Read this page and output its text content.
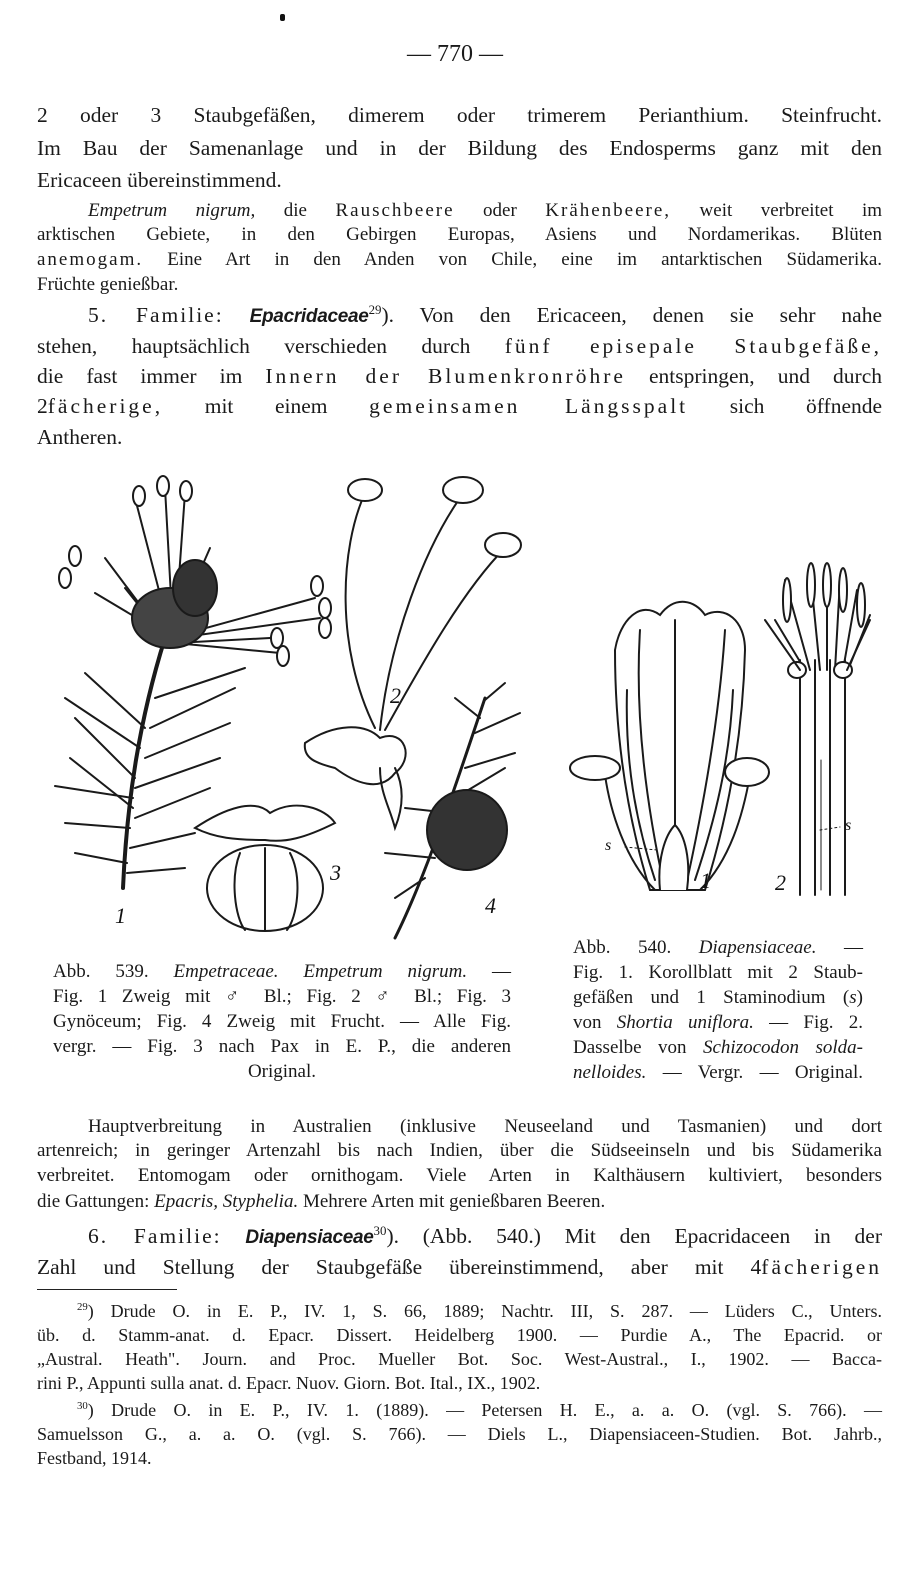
— 770 —
2 oder 3 Staubgefäßen, dimerem oder trimerem Perianthium. Steinfrucht.
Im Bau der Samenanlage und in der Bildung des Endosperms ganz mit den
Ericaceen übereinstimmend.
Empetrum nigrum, die Rauschbeere oder Krähenbeere, weit verbreitet im
arktischen Gebiete, in den Gebirgen Europas, Asiens und Nordamerikas. Blüten
anemogam. Eine Art in den Anden von Chile, eine im antarktischen Südamerika.
Früchte genießbar.
5. Familie: Epacridaceae$^{29}$). Von den Ericaceen, denen sie sehr nahe
stehen, hauptsächlich verschieden durch fünf episepale Staubgefäße,
die fast immer im Innern der Blumenkronröhre entspringen, und durch
2fächerige, mit einem gemeinsamen Längsspalt sich öffnende
Antheren.
1
2
3
4
1	2
s
s
Abb. 539. Empetraceae. Empetrum nigrum. —
Fig. 1 Zweig mit ♂ Bl.; Fig. 2 ♂ Bl.; Fig. 3
Gynöceum; Fig. 4 Zweig mit Frucht. — Alle Fig.
vergr. — Fig. 3 nach Pax in E. P., die anderen
Original.
Abb. 540. Diapensiaceae. —
Fig. 1. Korollblatt mit 2 Staub-
gefäßen und 1 Staminodium (s)
von Shortia uniflora. — Fig. 2.
Dasselbe von Schizocodon solda-
nelloides. — Vergr. — Original.
Hauptverbreitung in Australien (inklusive Neuseeland und Tasmanien) und dort
artenreich; in geringer Artenzahl bis nach Indien, über die Südseeinseln und bis Südamerika
verbreitet. Entomogam oder ornithogam. Viele Arten in Kalthäusern kultiviert, besonders
die Gattungen: Epacris, Styphelia. Mehrere Arten mit genießbaren Beeren.
6. Familie: Diapensiaceae$^{30}$). (Abb. 540.) Mit den Epacridaceen in der
Zahl und Stellung der Staubgefäße übereinstimmend, aber mit 4fächerigen
$^{29}$) Drude O. in E. P., IV. 1, S. 66, 1889; Nachtr. III, S. 287. — Lüders C., Unters.
üb. d. Stamm-anat. d. Epacr. Dissert. Heidelberg 1900. — Purdie A., The Epacrid. or
„Austral. Heath". Journ. and Proc. Mueller Bot. Soc. West-Austral., I., 1902. — Bacca-
rini P., Appunti sulla anat. d. Epacr. Nuov. Giorn. Bot. Ital., IX., 1902.
$^{30}$) Drude O. in E. P., IV. 1. (1889). — Petersen H. E., a. a. O. (vgl. S. 766). —
Samuelsson G., a. a. O. (vgl. S. 766). — Diels L., Diapensiaceen-Studien. Bot. Jahrb.,
Festband, 1914.
